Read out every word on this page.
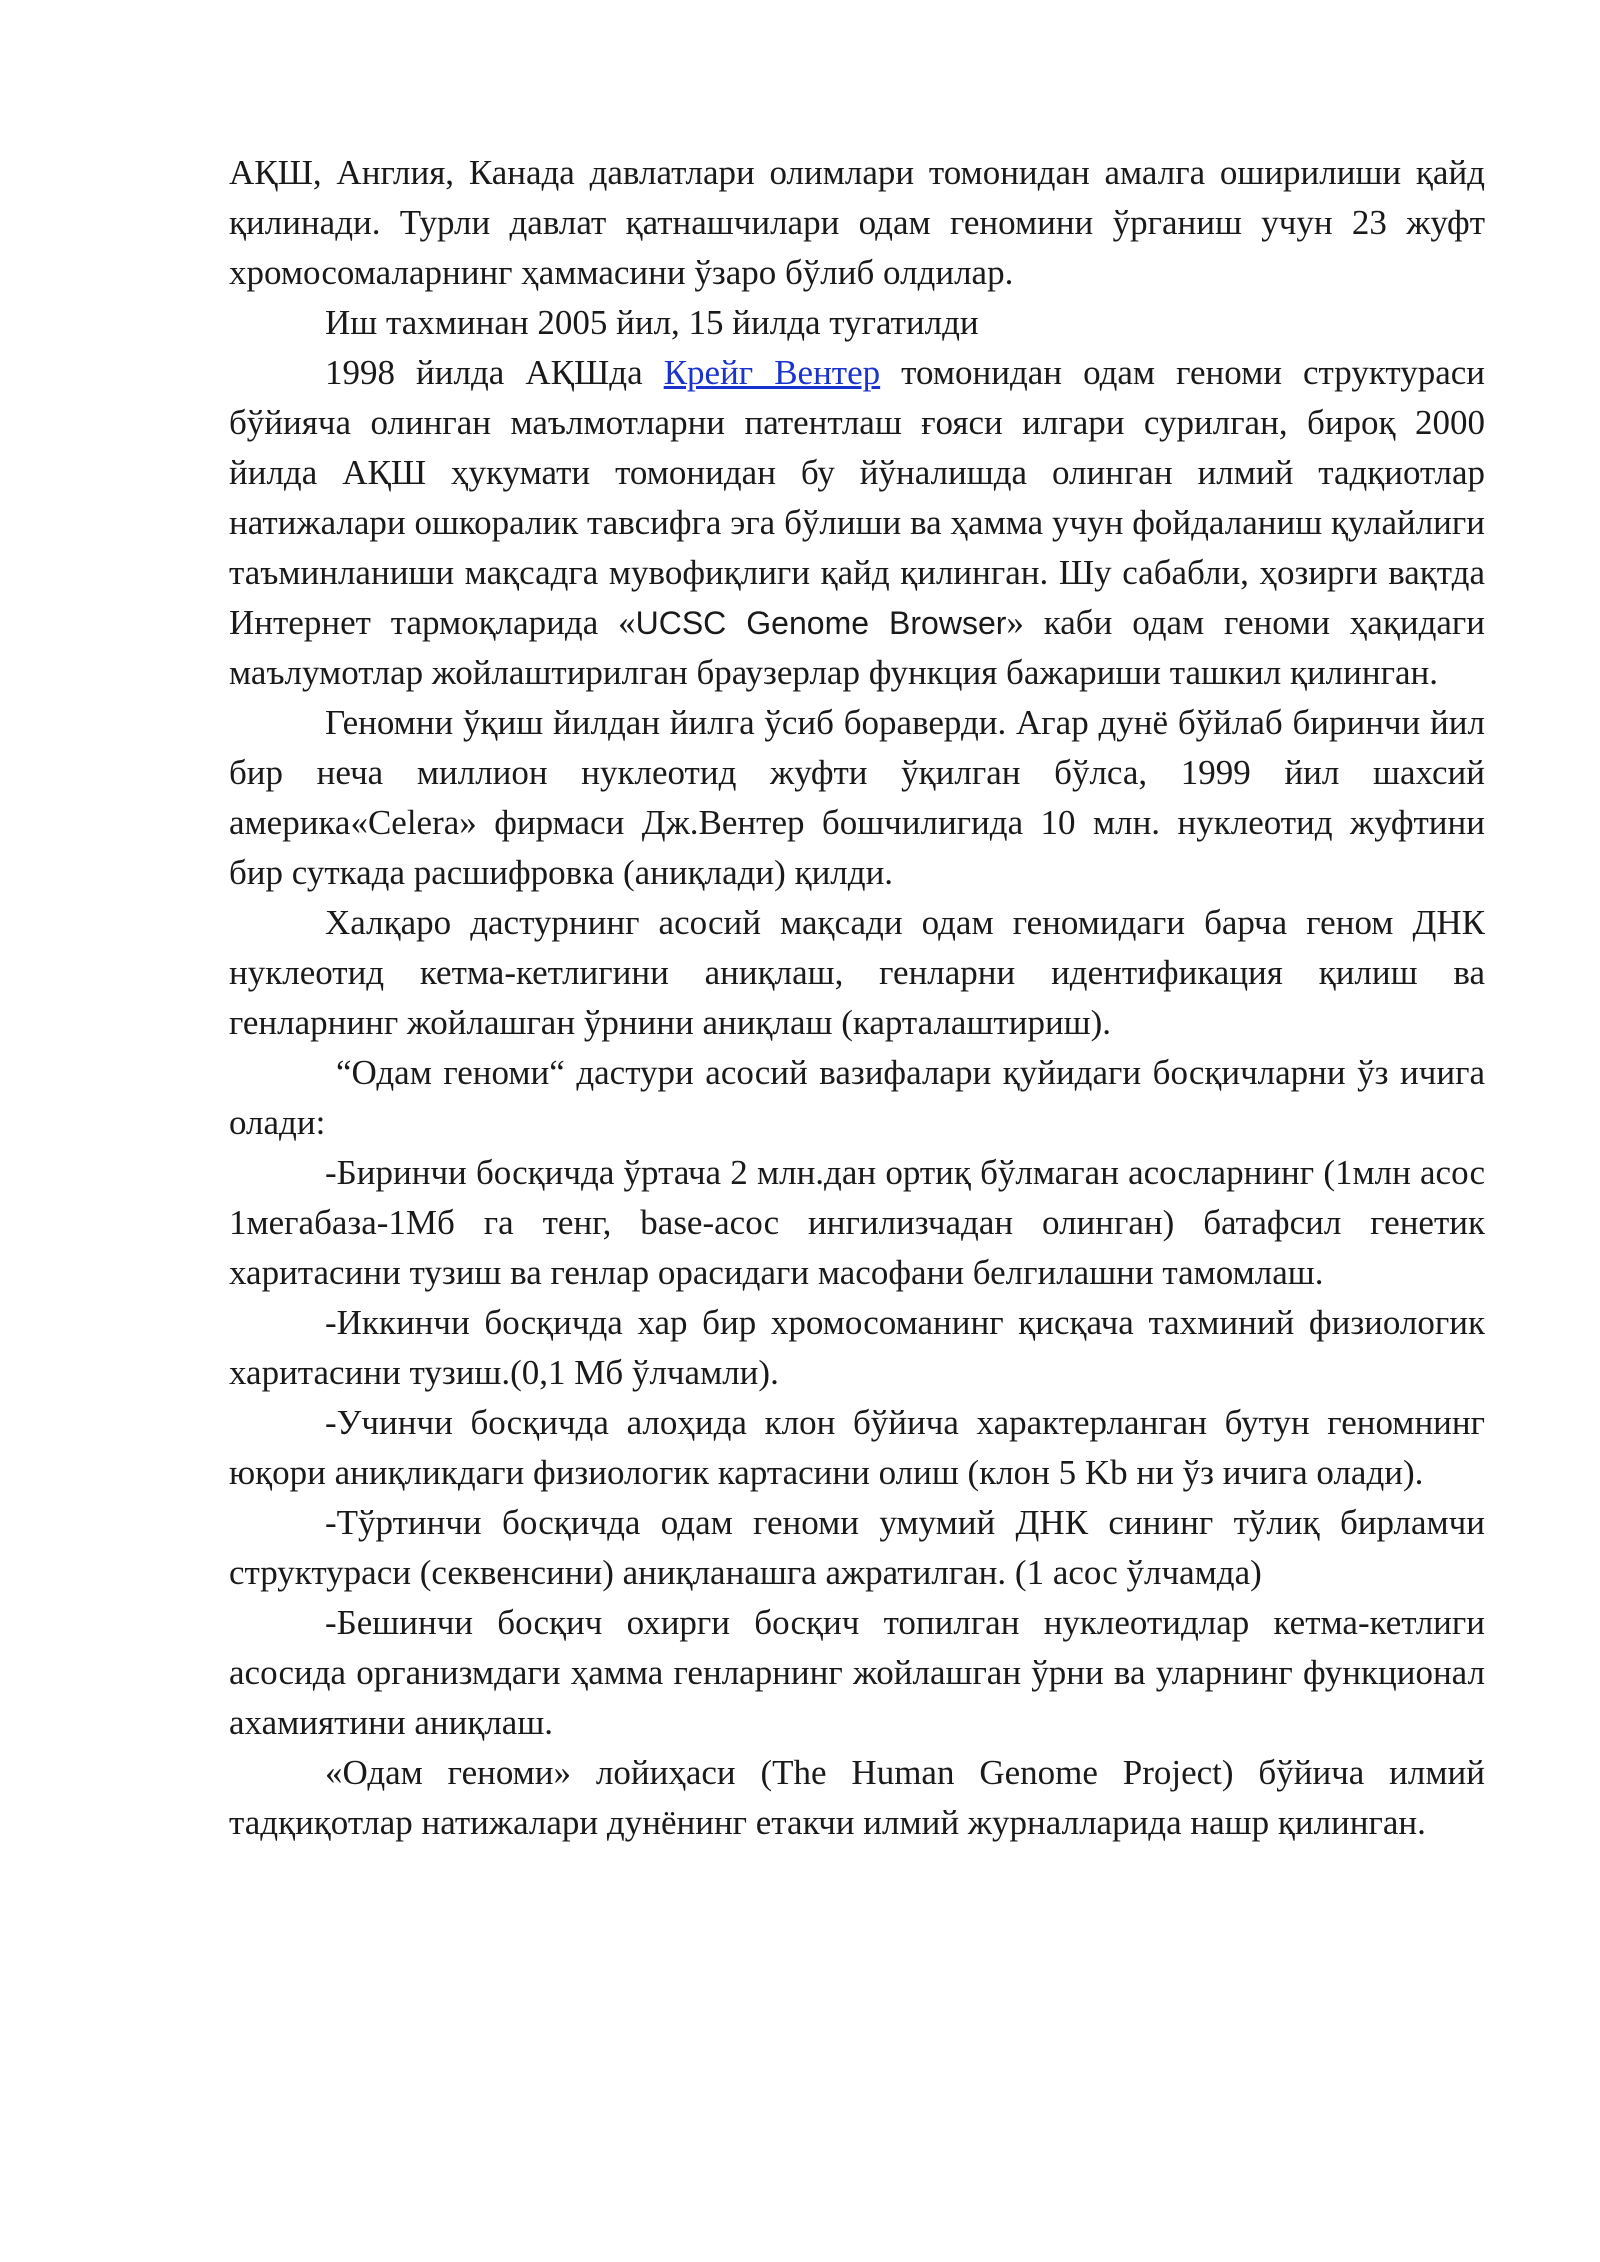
АҚШ, Англия, Канада давлатлари олимлари томонидан амалга оширилиши қайд қилинади. Турли давлат қатнашчилари одам геномини ўрганиш учун 23 жуфт хромосомаларнинг ҳаммасини ўзаро бўлиб олдилар.

Иш тахминан 2005 йил, 15 йилда тугатилди

1998 йилда АҚШда Крейг Вентер томонидан одам геноми структураси бўйияча олинган маълмотларни патентлаш ғояси илгари сурилган, бироқ 2000 йилда АҚШ ҳукумати томонидан бу йўналишда олинган илмий тадқиотлар натижалари ошкоралик тавсифга эга бўлиши ва ҳамма учун фойдаланиш қулайлиги таъминланиши мақсадга мувофиқлиги қайд қилинган. Шу сабабли, ҳозирги вақтда Интернет тармоқларида «UCSC Genome Browser» каби одам геноми ҳақидаги маълумотлар жойлаштирилган браузерлар функция бажариши ташкил қилинган.

Геномни ўқиш йилдан йилга ўсиб бораверди. Агар дунё бўйлаб биринчи йил бир неча миллион нуклеотид жуфти ўқилган бўлса, 1999 йил шахсий америка«Celera» фирмаси Дж.Вентер бошчилигида 10 млн. нуклеотид жуфтини бир суткада расшифровка (аниқлади) қилди.

Халқаро дастурнинг асосий мақсади одам геномидаги барча геном ДНК нуклеотид кетма-кетлигини аниқлаш, генларни идентификация қилиш ва генларнинг жойлашган ўрнини аниқлаш (карталаштириш).

“Одам геноми“ дастури асосий вазифалари қуйидаги босқичларни ўз ичига олади:

-Биринчи босқичда ўртача 2 млн.дан ортиқ бўлмаган асосларнинг (1млн асос 1мегабаза-1Мб га тенг, base-асос ингилизчадан олинган) батафсил генетик харитасини тузиш ва генлар орасидаги масофани белгилашни тамомлаш.

-Иккинчи босқичда хар бир хромосоманинг қисқача тахминий физиологик харитасини тузиш.(0,1 Мб ўлчамли).

-Учинчи босқичда алоҳида клон бўйича характерланган бутун геномнинг юқори аниқликдаги физиологик картасини олиш (клон 5 Kb ни ўз ичига олади).

-Тўртинчи босқичда одам геноми умумий ДНК сининг тўлиқ бирламчи структураси (секвенсини) аниқланашга ажратилган. (1 асос ўлчамда)

-Бешинчи босқич охирги босқич топилган нуклеотидлар кетма-кетлиги асосида организмдаги ҳамма генларнинг жойлашган ўрни ва уларнинг функционал ахамиятини аниқлаш.

«Одам геноми» лойиҳаси (The Human Genome Project) бўйича илмий тадқиқотлар натижалари дунёнинг етакчи илмий журналларида нашр қилинган.
